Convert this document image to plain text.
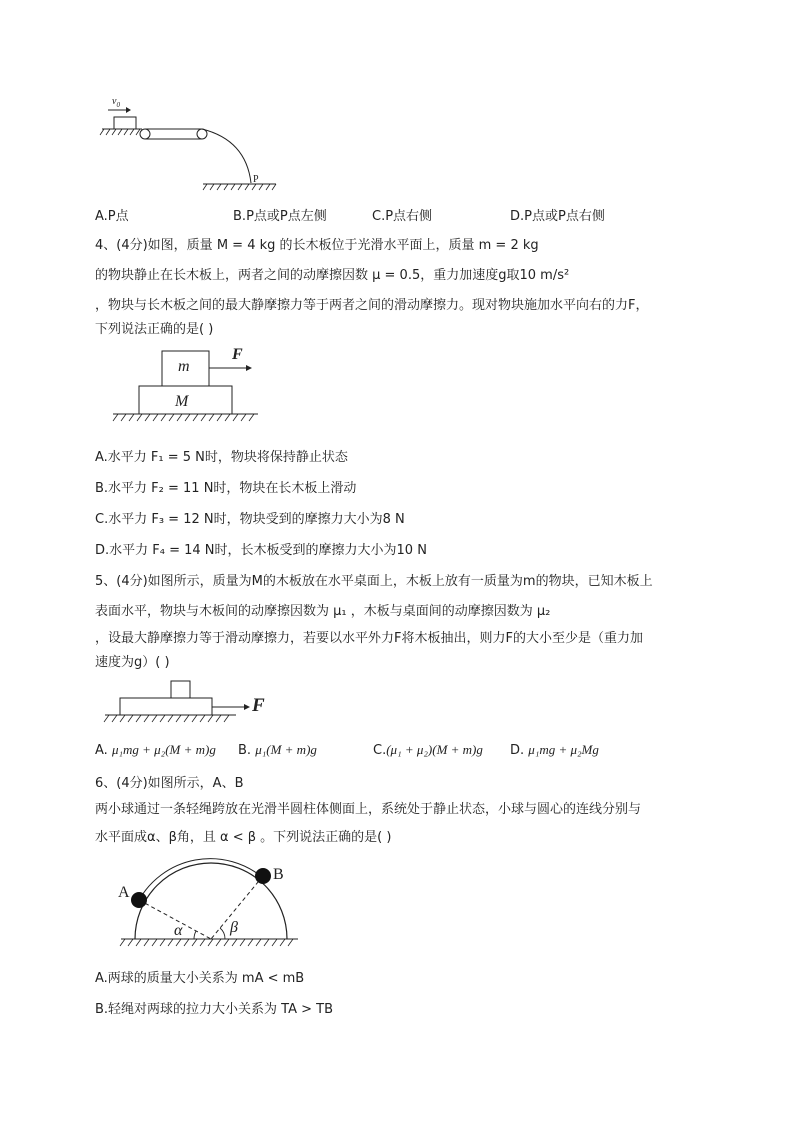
$v_0$
P
A.P点	B.P点或P点左侧	C.P点右侧	D.P点或P点右侧
4、(4分)如图，质量 M = 4 kg 的长木板位于光滑水平面上，质量 m = 2 kg
的物块静止在长木板上，两者之间的动摩擦因数 μ = 0.5，重力加速度g取10 m/s²
，物块与长木板之间的最大静摩擦力等于两者之间的滑动摩擦力。现对物块施加水平向右的力F，
下列说法正确的是( )
m
M
F
A.水平力 F₁ = 5 N时，物块将保持静止状态
B.水平力 F₂ = 11 N时，物块在长木板上滑动
C.水平力 F₃ = 12 N时，物块受到的摩擦力大小为8 N
D.水平力 F₄ = 14 N时，长木板受到的摩擦力大小为10 N
5、(4分)如图所示，质量为M的木板放在水平桌面上，木板上放有一质量为m的物块，已知木板上
表面水平，物块与木板间的动摩擦因数为 μ₁ ，木板与桌面间的动摩擦因数为 μ₂
，设最大静摩擦力等于滑动摩擦力，若要以水平外力F将木板抽出，则力F的大小至少是（重力加
速度为g）( )
F
A. μ₁mg + μ₂(M + m)g B. μ₁(M + m)g	C.(μ₁ + μ₂)(M + m)g D. μ₁mg + μ₂Mg
6、(4分)如图所示，A、B
两小球通过一条轻绳跨放在光滑半圆柱体侧面上，系统处于静止状态，小球与圆心的连线分别与
水平面成α、β角，且 α < β 。下列说法正确的是( )
A
B
α	β
A.两球的质量大小关系为 mA < mB
B.轻绳对两球的拉力大小关系为 TA > TB
